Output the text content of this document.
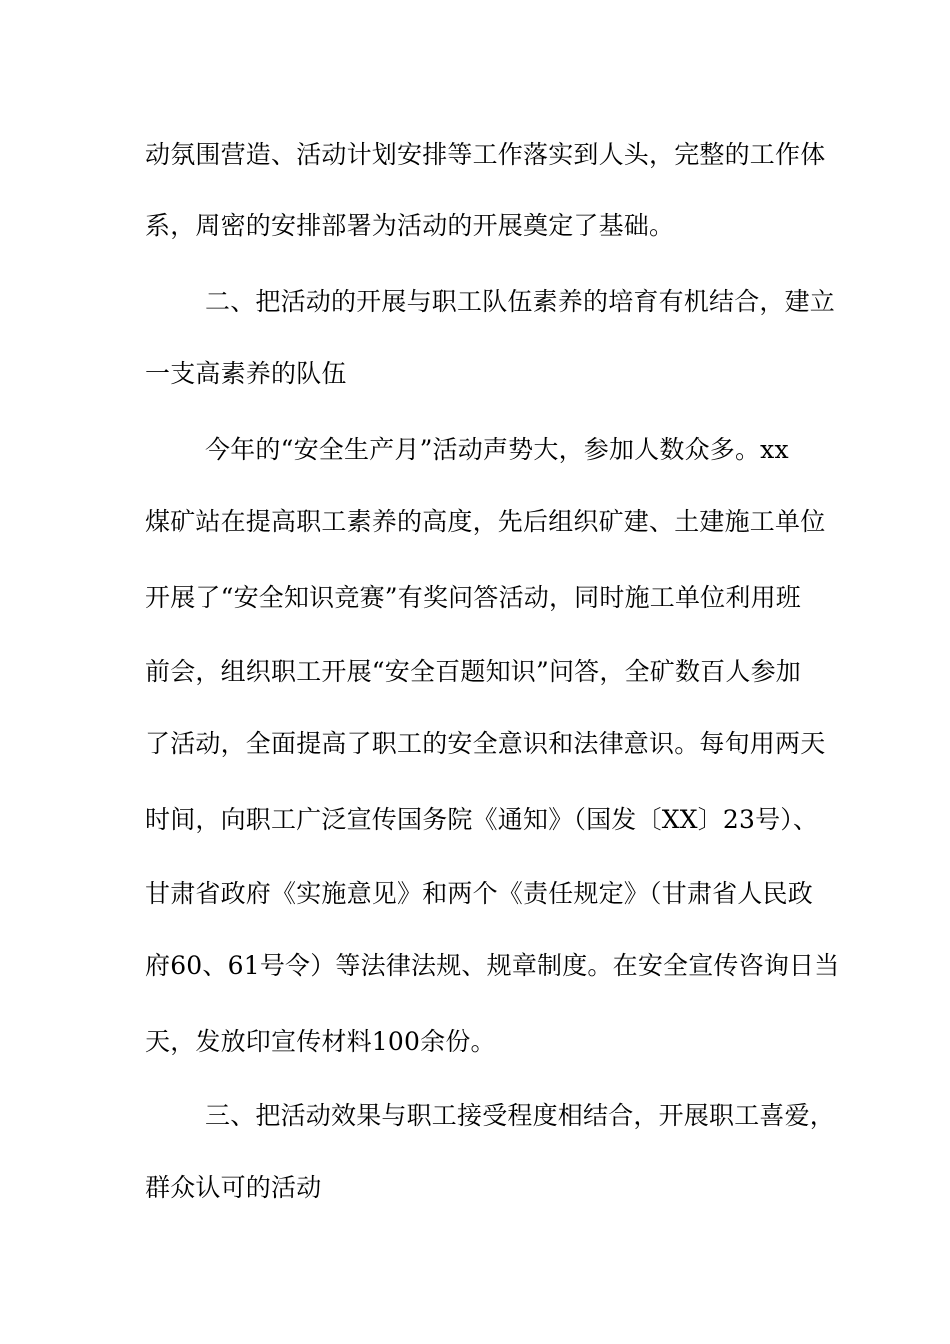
动氛围营造、活动计划安排等工作落实到人头，完整的工作体
系，周密的安排部署为活动的开展奠定了基础。
二、把活动的开展与职工队伍素养的培育有机结合，建立
一支高素养的队伍
今年的“安全生产月”活动声势大，参加人数众多。xx
煤矿站在提高职工素养的高度，先后组织矿建、土建施工单位
开展了“安全知识竞赛”有奖问答活动，同时施工单位利用班
前会，组织职工开展“安全百题知识”问答，全矿数百人参加
了活动，全面提高了职工的安全意识和法律意识。每旬用两天
时间，向职工广泛宣传国务院《通知》（国发〔XX〕23号）、
甘肃省政府《实施意见》和两个《责任规定》（甘肃省人民政
府60、61号令）等法律法规、规章制度。在安全宣传咨询日当
天，发放印宣传材料100余份。
三、把活动效果与职工接受程度相结合，开展职工喜爱，
群众认可的活动
